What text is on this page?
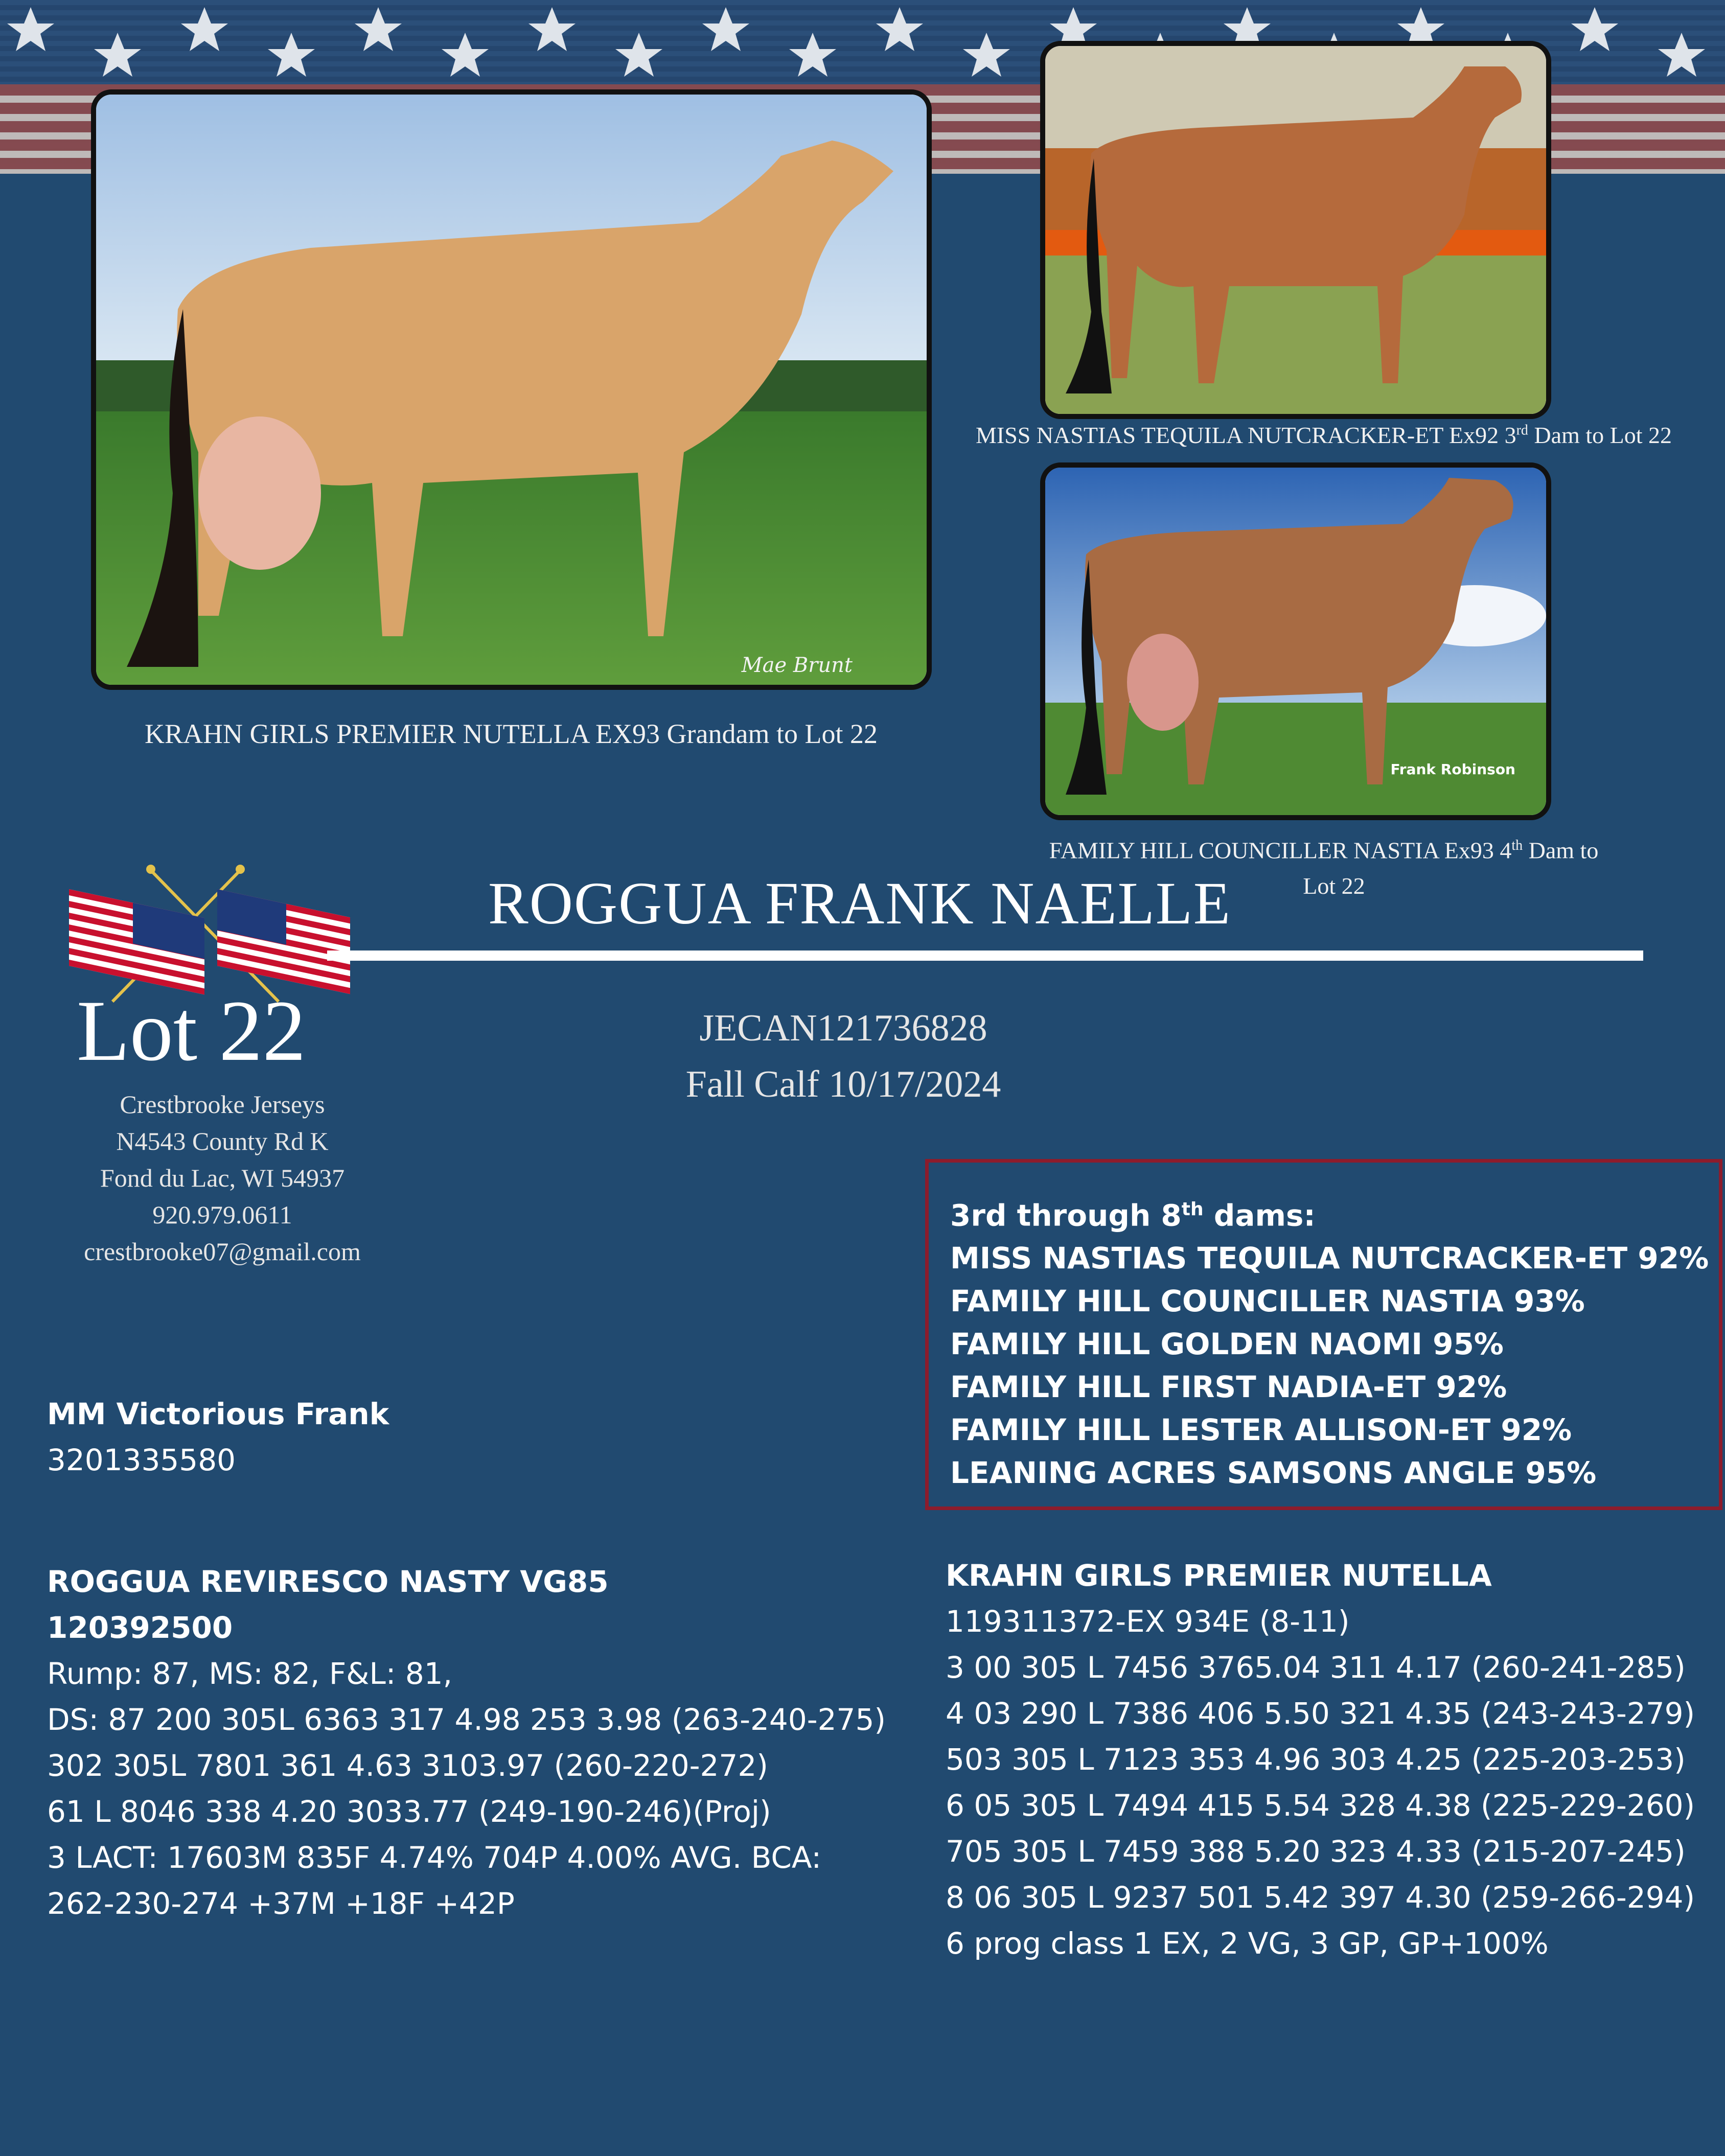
Mae Brunt
KRAHN GIRLS PREMIER NUTELLA EX93 Grandam to Lot 22
MISS NASTIAS TEQUILA NUTCRACKER-ET Ex92 3rd Dam to Lot 22
Frank Robinson
FAMILY HILL COUNCILLER NASTIA Ex93 4th Dam to
Lot 22
ROGGUA FRANK NAELLE
Lot 22	JECAN121736828
Fall Calf 10/17/2024
Crestbrooke Jerseys
N4543 County Rd K
Fond du Lac, WI 54937
920.979.0611
crestbrooke07@gmail.com
3rd through 8th dams:
MISS NASTIAS TEQUILA NUTCRACKER-ET 92%
FAMILY HILL COUNCILLER NASTIA 93%
FAMILY HILL GOLDEN NAOMI 95%
FAMILY HILL FIRST NADIA-ET 92%
FAMILY HILL LESTER ALLISON-ET 92%
LEANING ACRES SAMSONS ANGLE 95%
MM Victorious Frank
3201335580
ROGGUA REVIRESCO NASTY VG85
120392500
Rump: 87, MS: 82, F&L: 81,
DS: 87 200 305L 6363 317 4.98 253 3.98 (263-240-275)
302 305L 7801 361 4.63 3103.97 (260-220-272)
61 L 8046 338 4.20 3033.77 (249-190-246)(Proj)
3 LACT: 17603M 835F 4.74% 704P 4.00% AVG. BCA:
262-230-274 +37M +18F +42P
KRAHN GIRLS PREMIER NUTELLA
119311372-EX 934E (8-11)
3 00 305 L 7456 3765.04 311 4.17 (260-241-285)
4 03 290 L 7386 406 5.50 321 4.35 (243-243-279)
503 305 L 7123 353 4.96 303 4.25 (225-203-253)
6 05 305 L 7494 415 5.54 328 4.38 (225-229-260)
705 305 L 7459 388 5.20 323 4.33 (215-207-245)
8 06 305 L 9237 501 5.42 397 4.30 (259-266-294)
6 prog class 1 EX, 2 VG, 3 GP, GP+100%
